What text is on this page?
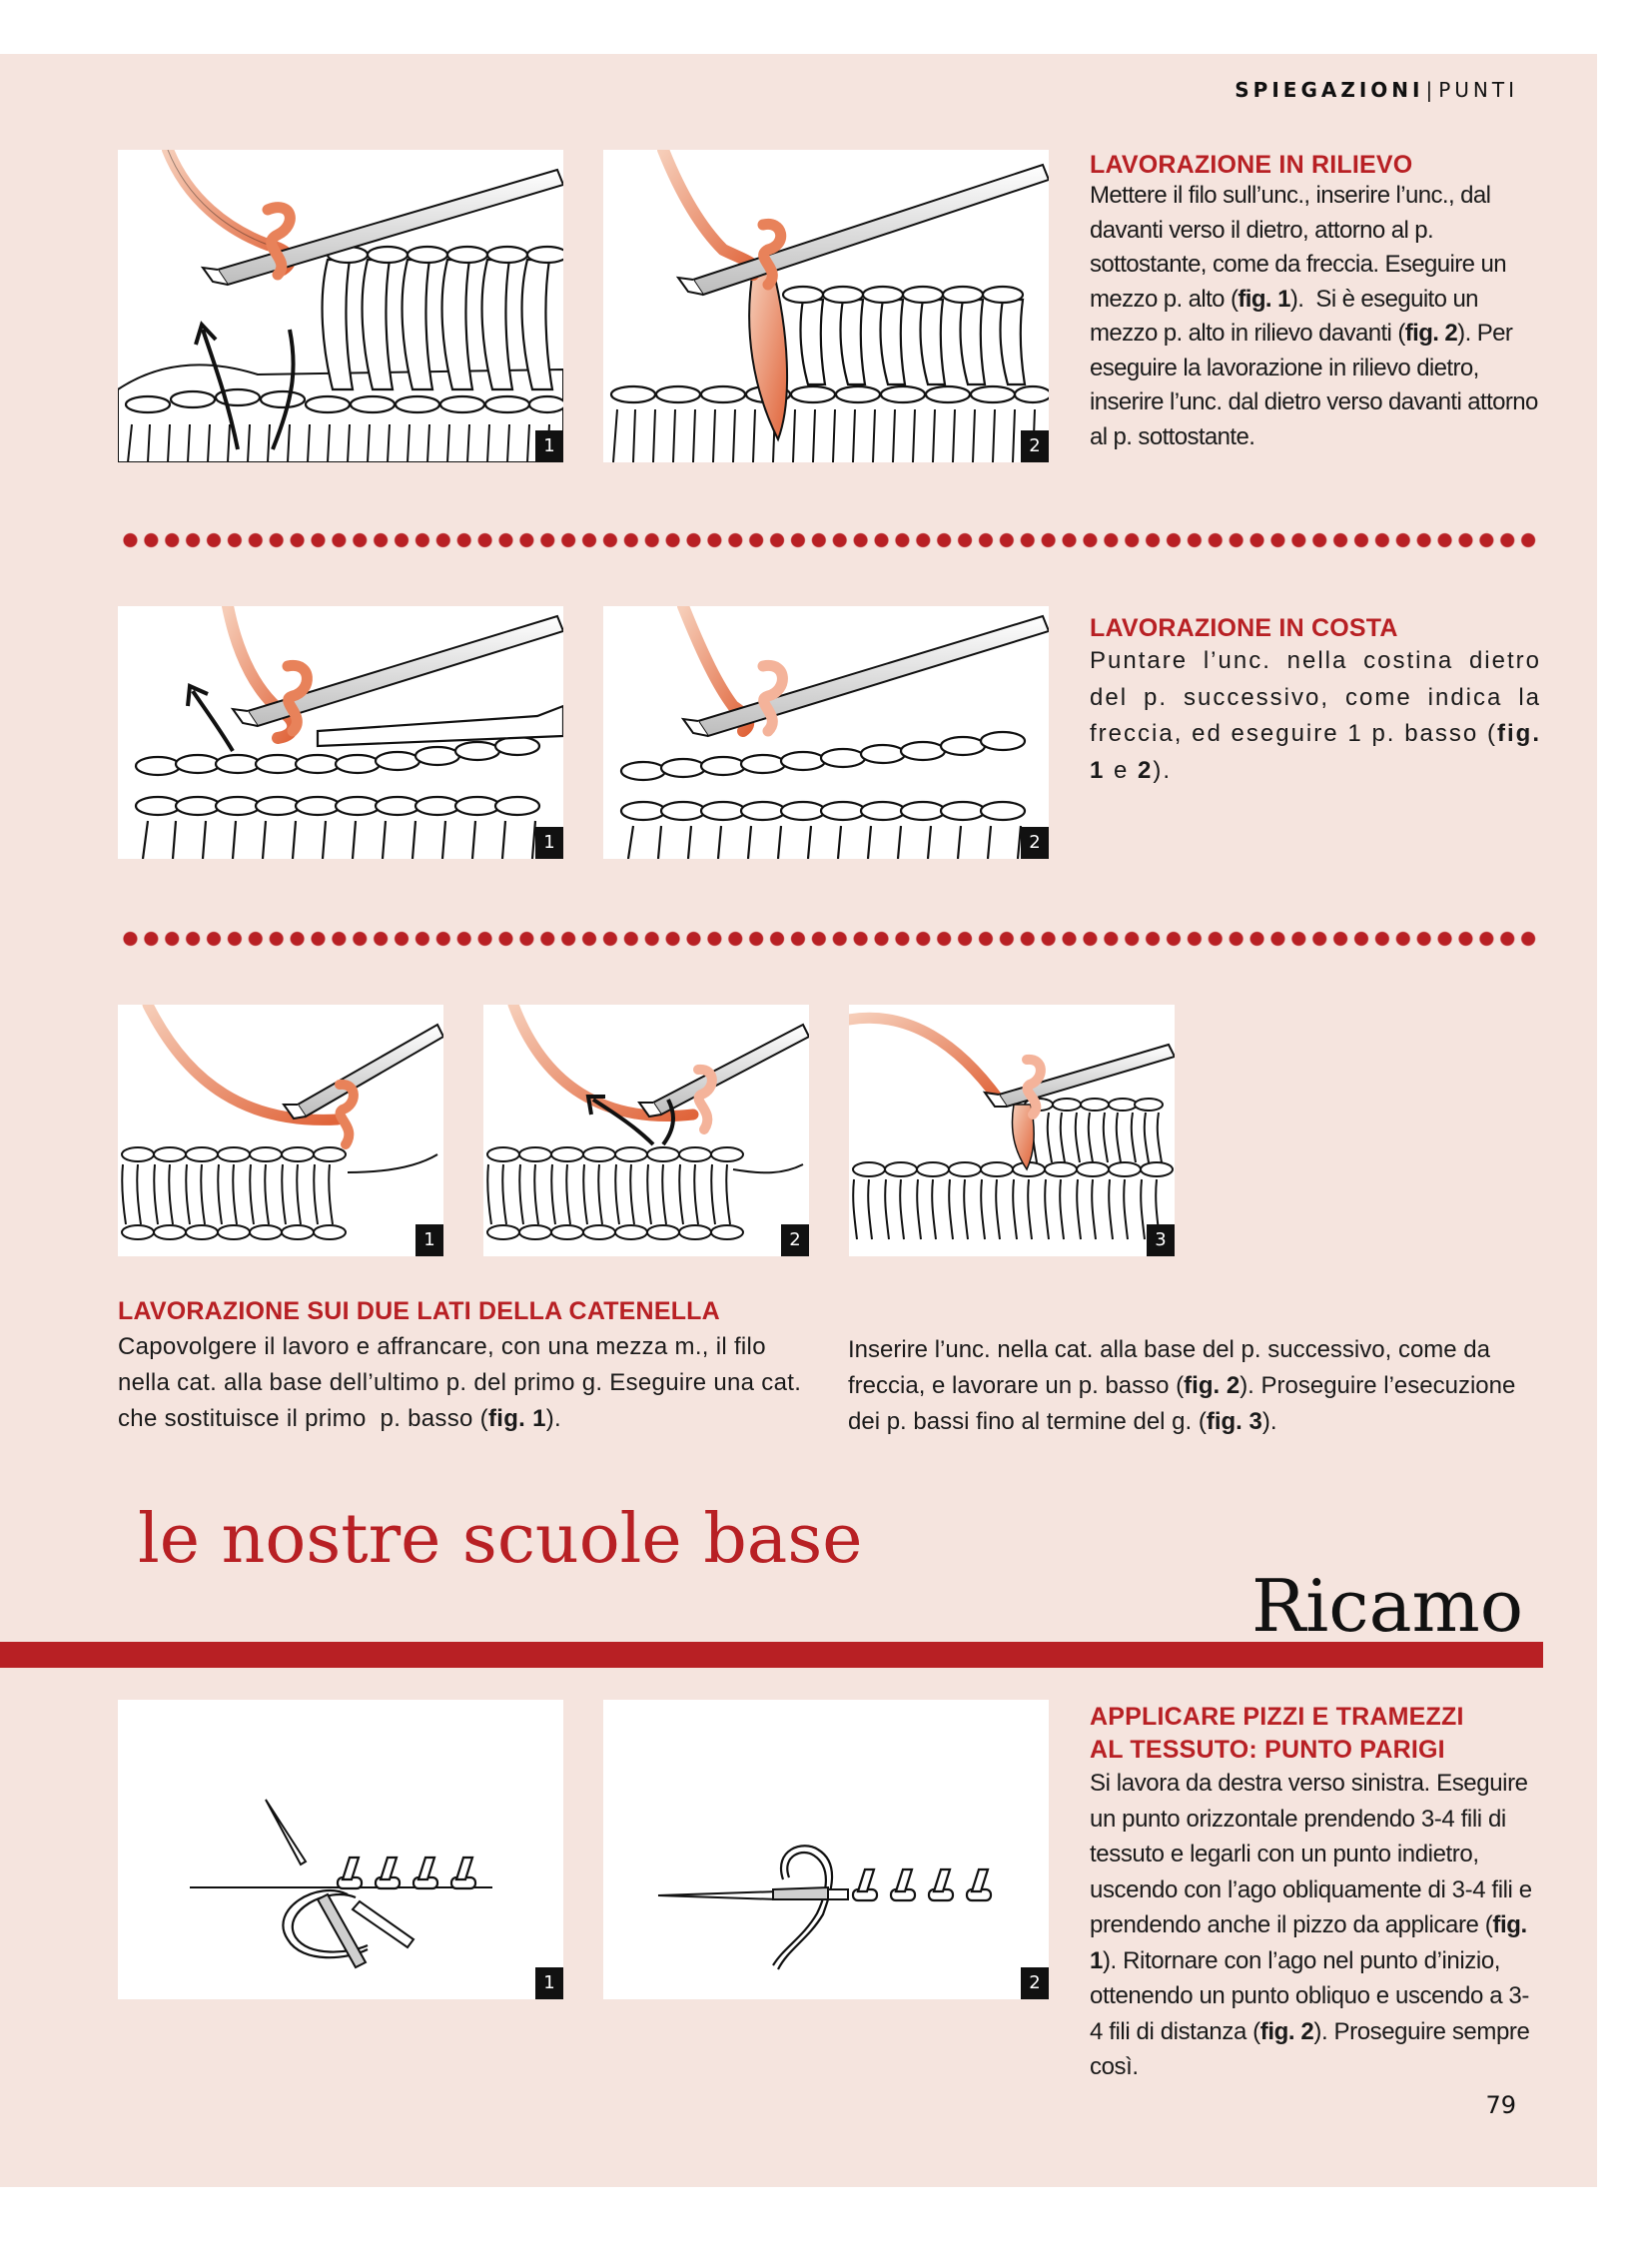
SPIEGAZIONI | PUNTI
1	2
LAVORAZIONE IN RILIEVO
Mettere il filo sull’unc., inserire l’unc., dal davanti verso il dietro, attorno al p. sottostante, come da freccia. Eseguire un mezzo p. alto (fig. 1).  Si è eseguito un mezzo p. alto in rilievo davanti (fig. 2). Per eseguire la lavorazione in rilievo dietro, inserire l’unc. dal dietro verso davanti attorno al p. sottostante.
1	2
LAVORAZIONE IN COSTA
Puntare l’unc. nella costina dietro del p. successivo, come indica la freccia, ed eseguire 1 p. basso (fig. 1 e 2).
1	2	3
LAVORAZIONE SUI DUE LATI DELLA CATENELLA
Capovolgere il lavoro e affrancare, con una mezza m., il filo nella cat. alla base dell’ultimo p. del primo g. Eseguire una cat. che sostituisce il primo  p. basso (fig. 1).
Inserire l’unc. nella cat. alla base del p. successivo, come da freccia, e lavorare un p. basso (fig. 2). Proseguire l’esecuzione dei p. bassi fino al termine del g. (fig. 3).
le nostre scuole base
Ricamo
1	2
APPLICARE PIZZI E TRAMEZZI
AL TESSUTO: PUNTO PARIGI
Si lavora da destra verso sinistra. Eseguire un punto orizzontale prendendo 3-4 fili di tessuto e legarli con un punto indietro, uscendo con l’ago obliquamente di 3-4 fili e prendendo anche il pizzo da applicare (fig. 1). Ritornare con l’ago nel punto d’inizio, ottenendo un punto obliquo e uscendo a 3-4 fili di distanza (fig. 2). Proseguire sempre così.
79
